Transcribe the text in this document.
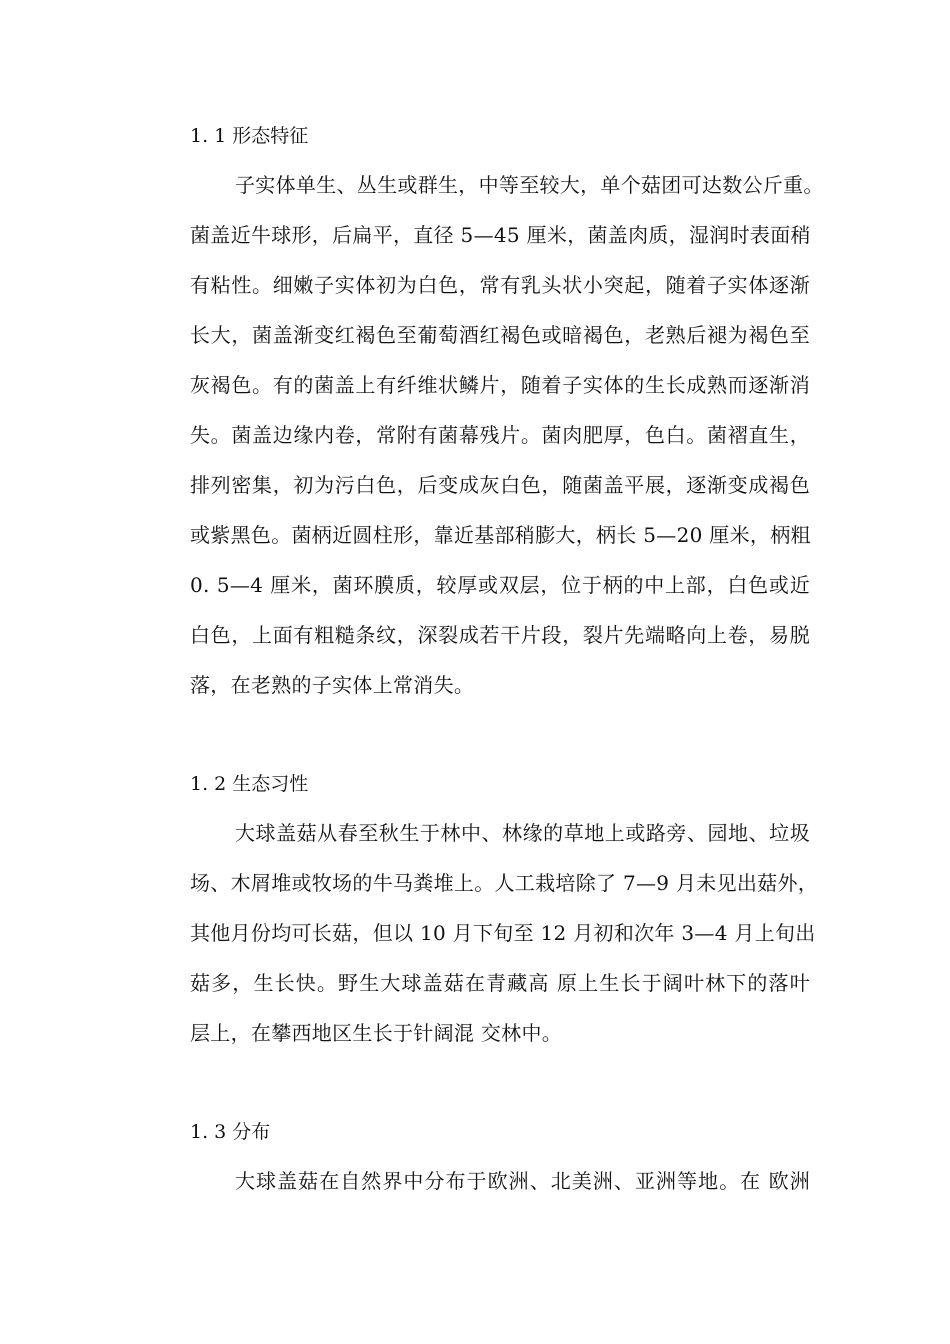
1. 1 形态特征
子实体单生、丛生或群生，中等至较大，单个菇团可达数公斤重。
菌盖近牛球形，后扁平，直径 5—45 厘米，菌盖肉质，湿润时表面稍
有粘性。细嫩子实体初为白色，常有乳头状小突起，随着子实体逐渐
长大，菌盖渐变红褐色至葡萄酒红褐色或暗褐色，老熟后褪为褐色至
灰褐色。有的菌盖上有纤维状鳞片，随着子实体的生长成熟而逐渐消
失。菌盖边缘内卷，常附有菌幕残片。菌肉肥厚，色白。菌褶直生，
排列密集，初为污白色，后变成灰白色，随菌盖平展，逐渐变成褐色
或紫黑色。菌柄近圆柱形，靠近基部稍膨大，柄长 5—20 厘米，柄粗
0. 5—4 厘米，菌环膜质，较厚或双层，位于柄的中上部，白色或近
白色，上面有粗糙条纹，深裂成若干片段，裂片先端略向上卷，易脱
落，在老熟的子实体上常消失。
1. 2 生态习性
大球盖菇从春至秋生于林中、林缘的草地上或路旁、园地、垃圾
场、木屑堆或牧场的牛马粪堆上。人工栽培除了 7—9 月未见出菇外，
其他月份均可长菇，但以 10 月下旬至 12 月初和次年 3—4 月上旬出
菇多，生长快。野生大球盖菇在青藏高 原上生长于阔叶林下的落叶
层上，在攀西地区生长于针阔混 交林中。
1. 3 分布
大球盖菇在自然界中分布于欧洲、北美洲、亚洲等地。在 欧洲
